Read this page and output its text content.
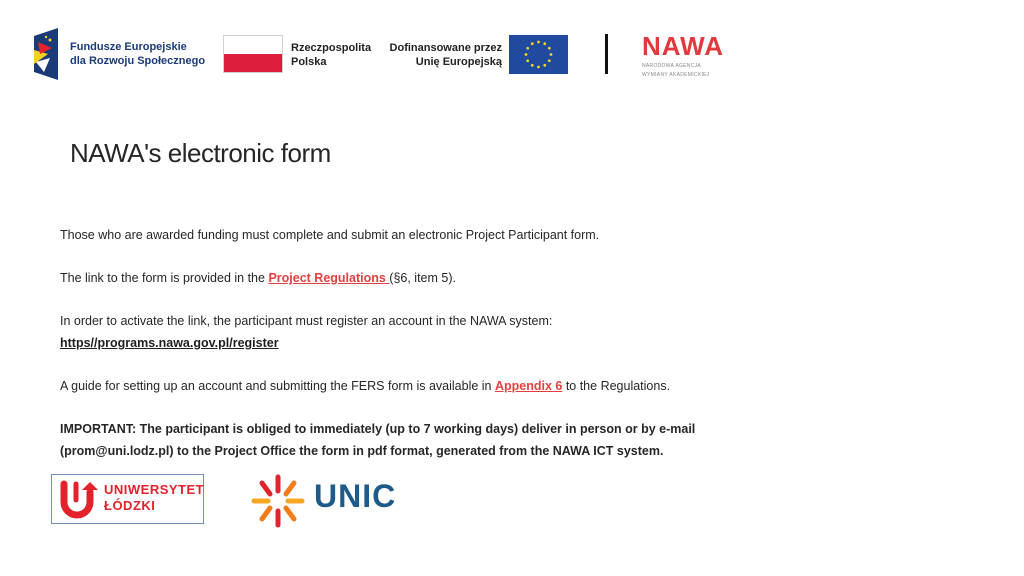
Fundusze Europejskie
dla Rozwoju Społecznego
Rzeczpospolita
Polska
Dofinansowane przez
Unię Europejską
NAWA
NARODOWA AGENCJA
WYMIANY AKADEMICKIEJ
NAWA's electronic form

Those who are awarded funding must complete and submit an electronic Project Participant form.

The link to the form is provided in the Project Regulations (§6, item 5).

In order to activate the link, the participant must register an account in the NAWA system:

https//programs.nawa.gov.pl/register

A guide for setting up an account and submitting the FERS form is available in Appendix 6 to the Regulations.

IMPORTANT: The participant is obliged to immediately (up to 7 working days) deliver in person or by e-mail

(prom@uni.lodz.pl) to the Project Office the form in pdf format, generated from the NAWA ICT system.

UNIWERSYTET
ŁÓDZKI	UNIC
